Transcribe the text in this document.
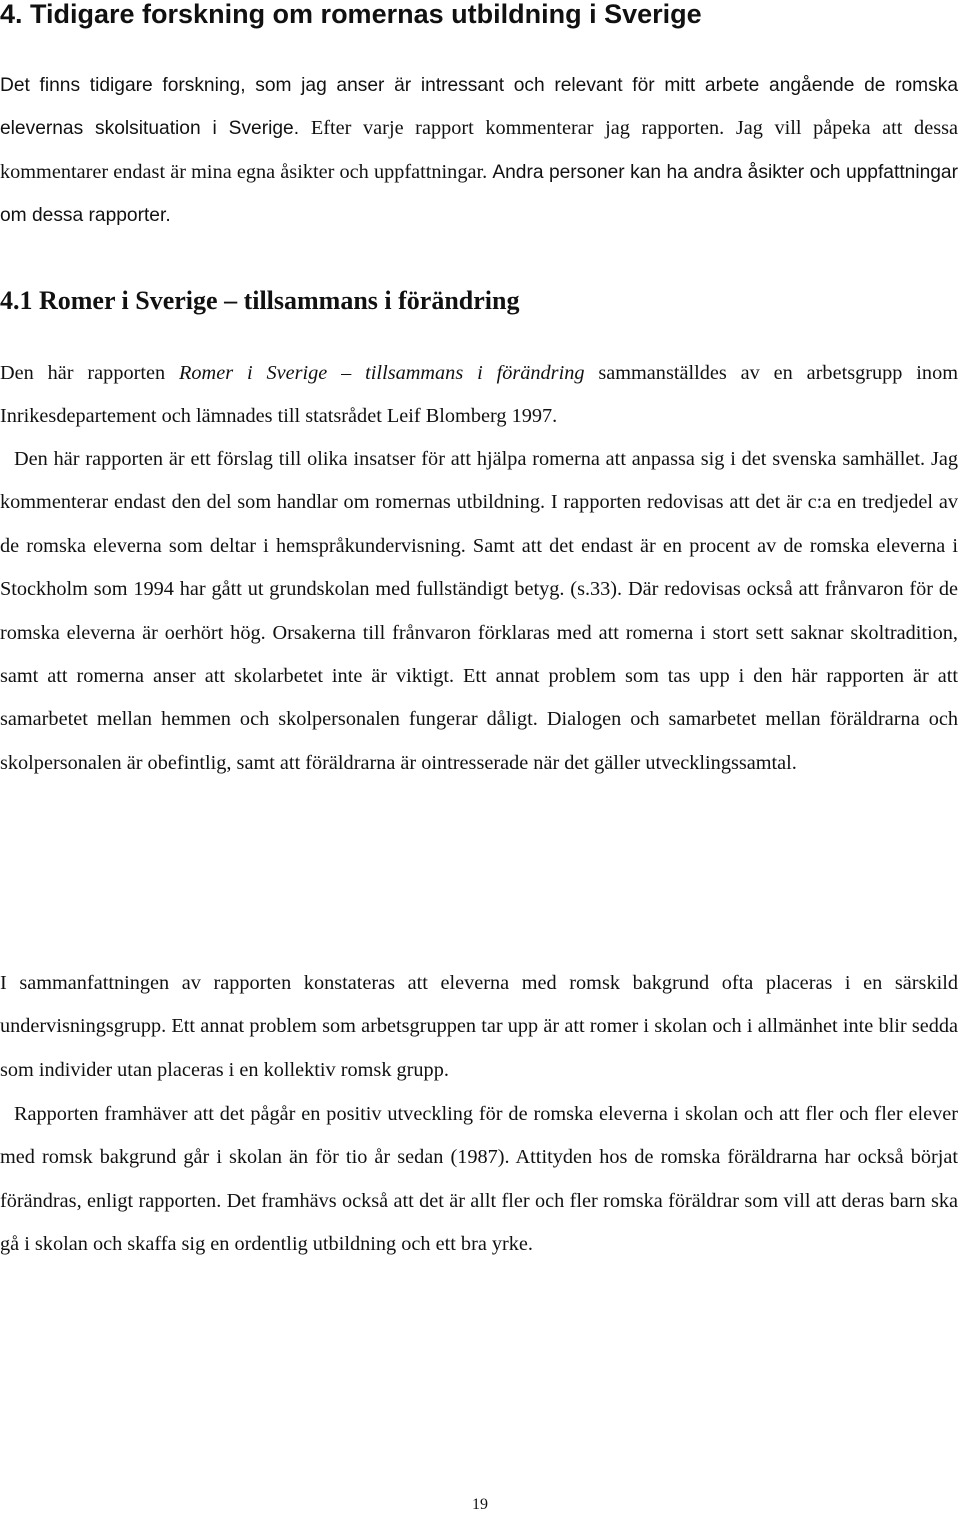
4. Tidigare forskning om romernas utbildning i Sverige

Det finns tidigare forskning, som jag anser är intressant och relevant för mitt arbete angående de romska elevernas skolsituation i Sverige. Efter varje rapport kommenterar jag rapporten. Jag vill påpeka att dessa kommentarer endast är mina egna åsikter och uppfattningar. Andra personer kan ha andra åsikter och uppfattningar om dessa rapporter.

4.1 Romer i Sverige – tillsammans i förändring

Den här rapporten Romer i Sverige – tillsammans i förändring sammanställdes av en arbetsgrupp inom Inrikesdepartement och lämnades till statsrådet Leif Blomberg 1997.

Den här rapporten är ett förslag till olika insatser för att hjälpa romerna att anpassa sig i det svenska samhället. Jag kommenterar endast den del som handlar om romernas utbildning. I rapporten redovisas att det är c:a en tredjedel av de romska eleverna som deltar i hemspråkundervisning. Samt att det endast är en procent av de romska eleverna i Stockholm som 1994 har gått ut grundskolan med fullständigt betyg. (s.33). Där redovisas också att frånvaron för de romska eleverna är oerhört hög. Orsakerna till frånvaron förklaras med att romerna i stort sett saknar skoltradition, samt att romerna anser att skolarbetet inte är viktigt. Ett annat problem som tas upp i den här rapporten är att samarbetet mellan hemmen och skolpersonalen fungerar dåligt. Dialogen och samarbetet mellan föräldrarna och skolpersonalen är obefintlig, samt att föräldrarna är ointresserade när det gäller utvecklingssamtal.

I sammanfattningen av rapporten konstateras att eleverna med romsk bakgrund ofta placeras i en särskild undervisningsgrupp. Ett annat problem som arbetsgruppen tar upp är att romer i skolan och i allmänhet inte blir sedda som individer utan placeras i en kollektiv romsk grupp.

Rapporten framhäver att det pågår en positiv utveckling för de romska eleverna i skolan och att fler och fler elever med romsk bakgrund går i skolan än för tio år sedan (1987). Attityden hos de romska föräldrarna har också börjat förändras, enligt rapporten. Det framhävs också att det är allt fler och fler romska föräldrar som vill att deras barn ska gå i skolan och skaffa sig en ordentlig utbildning och ett bra yrke.

19
